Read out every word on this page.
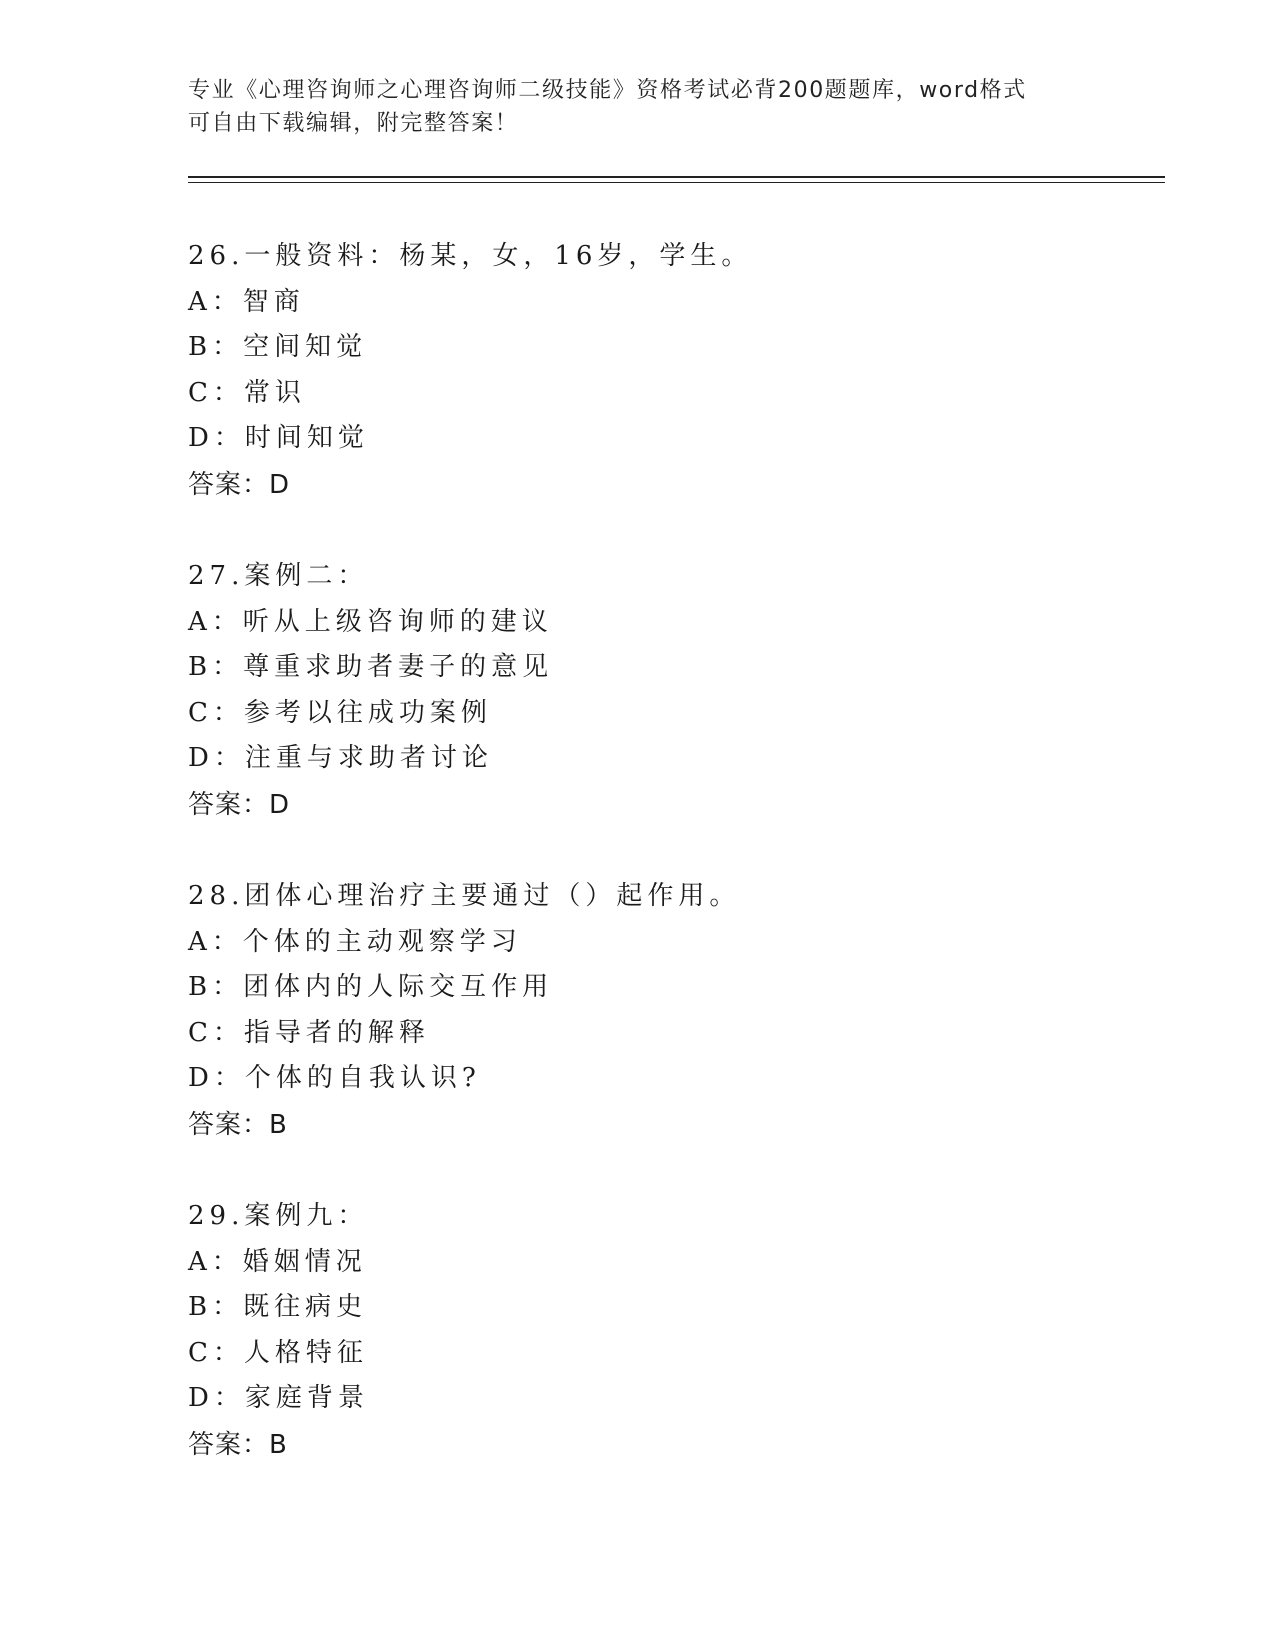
专业《心理咨询师之心理咨询师二级技能》资格考试必背200题题库，word格式
可自由下载编辑，附完整答案！
26.一般资料：杨某，女，16岁，学生。
A：智商
B：空间知觉
C：常识
D：时间知觉
答案：D
27.案例二：
A：听从上级咨询师的建议
B：尊重求助者妻子的意见
C：参考以往成功案例
D：注重与求助者讨论
答案：D
28.团体心理治疗主要通过（）起作用。
A：个体的主动观察学习
B：团体内的人际交互作用
C：指导者的解释
D：个体的自我认识?
答案：B
29.案例九：
A：婚姻情况
B：既往病史
C：人格特征
D：家庭背景
答案：B
